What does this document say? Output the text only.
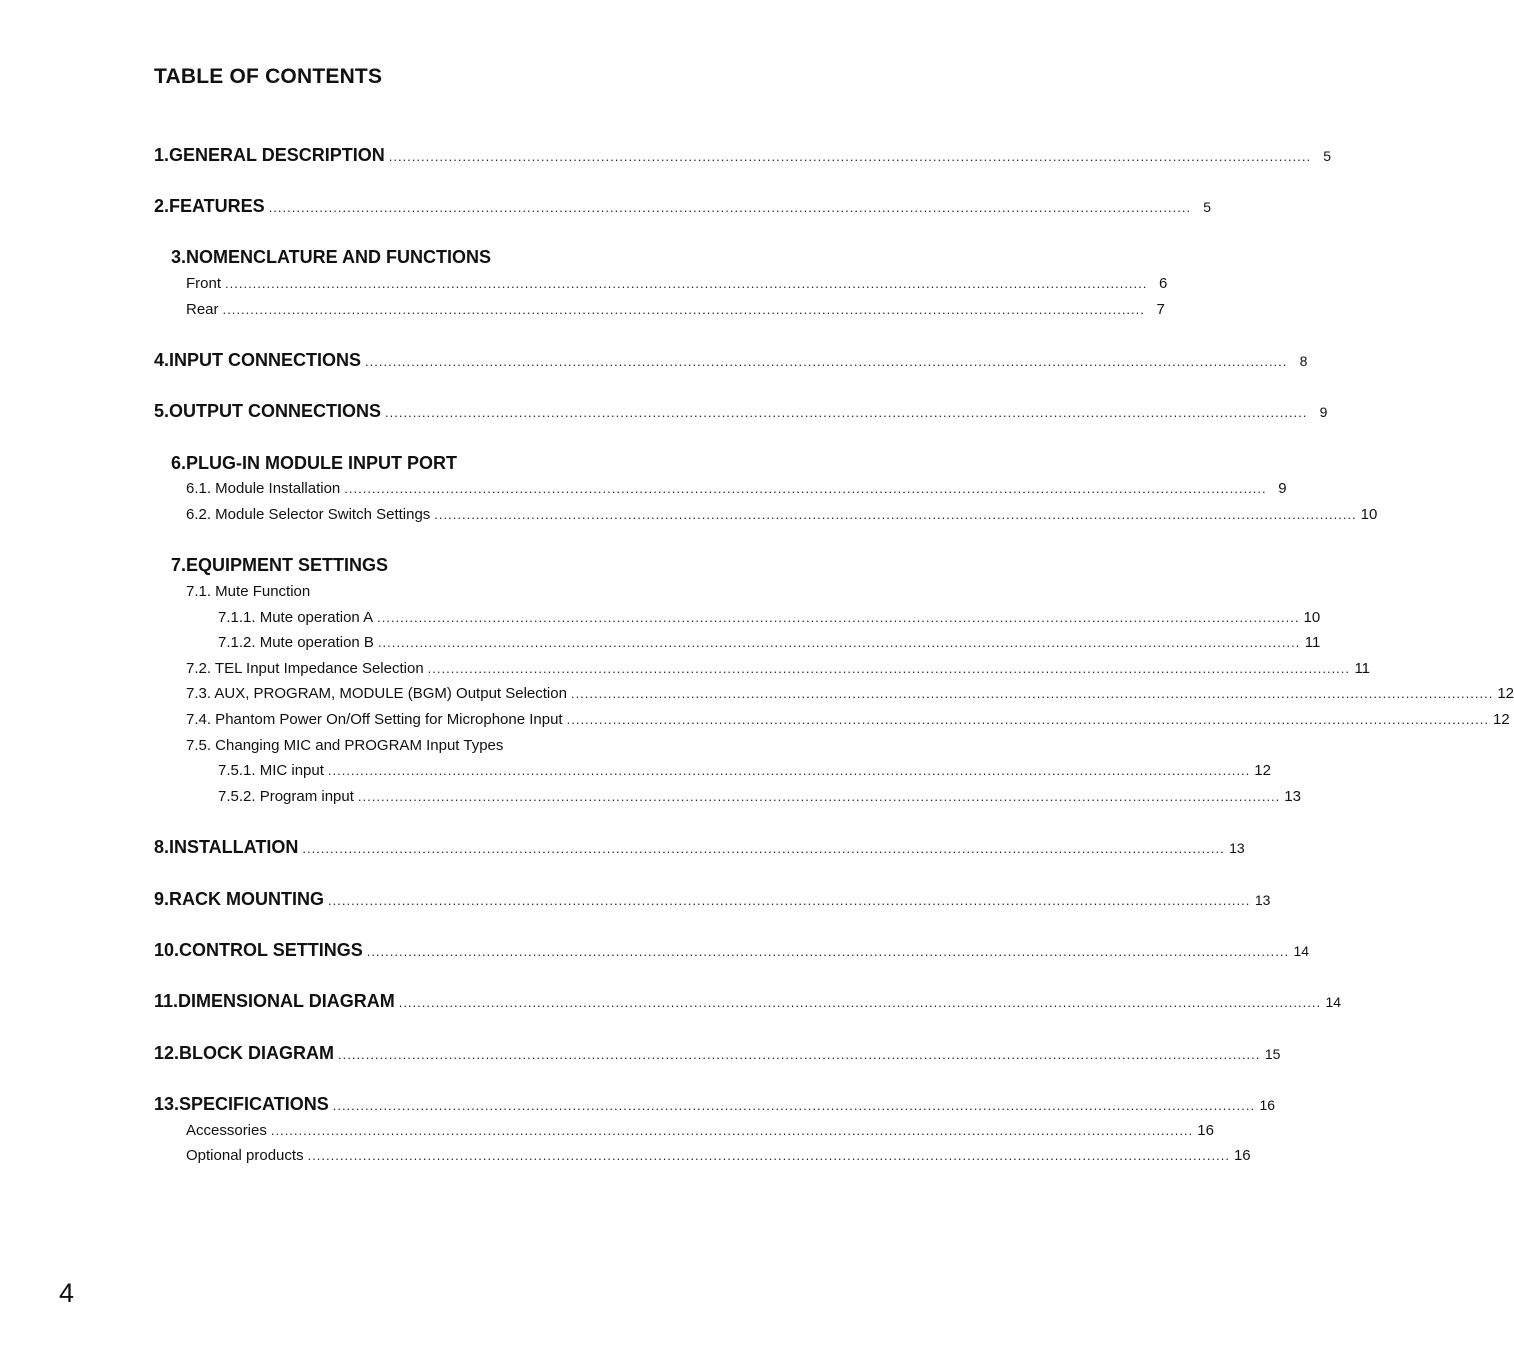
TABLE OF CONTENTS
1.
GENERAL DESCRIPTION ........................................................................................................................................................................................................ 5
2.
FEATURES ........................................................................................................................................................................................................ 5
3.
NOMENCLATURE AND FUNCTIONS
Front ........................................................................................................................................................................................................ 6
Rear ........................................................................................................................................................................................................ 7
4.
INPUT CONNECTIONS ........................................................................................................................................................................................................ 8
5.
OUTPUT CONNECTIONS ........................................................................................................................................................................................................ 9
6.
PLUG-IN MODULE INPUT PORT
6.1. Module Installation ........................................................................................................................................................................................................ 9
6.2. Module Selector Switch Settings ........................................................................................................................................................................................................ 10
7.
EQUIPMENT SETTINGS
7.1. Mute Function
7.1.1. Mute operation A ........................................................................................................................................................................................................ 10
7.1.2. Mute operation B ........................................................................................................................................................................................................ 11
7.2. TEL Input Impedance Selection ........................................................................................................................................................................................................ 11
7.3. AUX, PROGRAM, MODULE (BGM) Output Selection ........................................................................................................................................................................................................ 12
7.4. Phantom Power On/Off Setting for Microphone Input ........................................................................................................................................................................................................ 12
7.5. Changing MIC and PROGRAM Input Types
7.5.1. MIC input ........................................................................................................................................................................................................ 12
7.5.2. Program input ........................................................................................................................................................................................................ 13
8.
INSTALLATION ........................................................................................................................................................................................................ 13
9.
RACK MOUNTING ........................................................................................................................................................................................................ 13
10.
CONTROL SETTINGS ........................................................................................................................................................................................................ 14
11.
DIMENSIONAL DIAGRAM ........................................................................................................................................................................................................ 14
12.
BLOCK DIAGRAM ........................................................................................................................................................................................................ 15
13.
SPECIFICATIONS ........................................................................................................................................................................................................ 16
Accessories ........................................................................................................................................................................................................ 16
Optional products ........................................................................................................................................................................................................ 16
4
